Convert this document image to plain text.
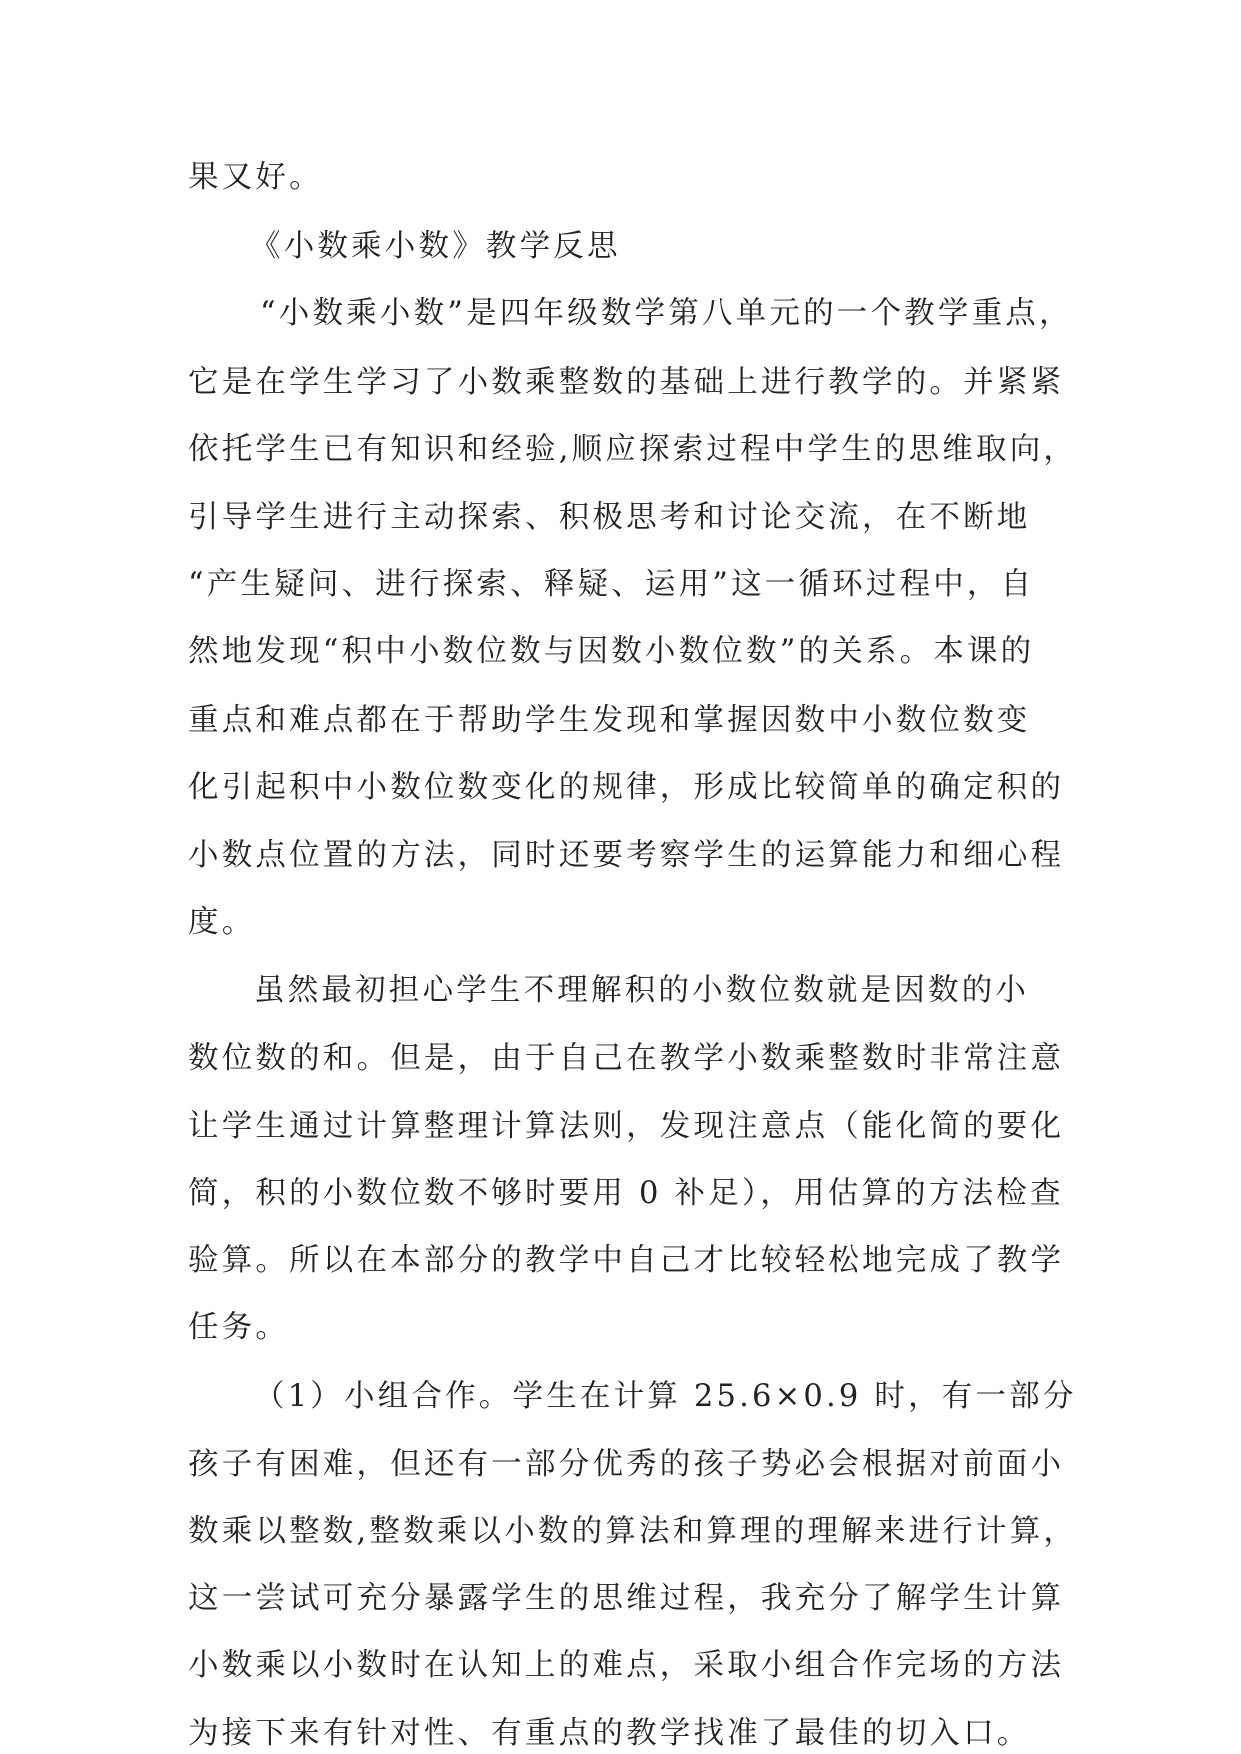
果又好。
《小数乘小数》教学反思
“小数乘小数”是四年级数学第八单元的一个教学重点，
它是在学生学习了小数乘整数的基础上进行教学的。并紧紧
依托学生已有知识和经验,顺应探索过程中学生的思维取向，
引导学生进行主动探索、积极思考和讨论交流，在不断地
“产生疑问、进行探索、释疑、运用”这一循环过程中，自
然地发现“积中小数位数与因数小数位数”的关系。本课的
重点和难点都在于帮助学生发现和掌握因数中小数位数变
化引起积中小数位数变化的规律，形成比较简单的确定积的
小数点位置的方法，同时还要考察学生的运算能力和细心程
度。
虽然最初担心学生不理解积的小数位数就是因数的小
数位数的和。但是，由于自己在教学小数乘整数时非常注意
让学生通过计算整理计算法则，发现注意点（能化简的要化
简，积的小数位数不够时要用 0 补足），用估算的方法检查
验算。所以在本部分的教学中自己才比较轻松地完成了教学
任务。
（1）小组合作。学生在计算 25.6×0.9 时，有一部分
孩子有困难，但还有一部分优秀的孩子势必会根据对前面小
数乘以整数,整数乘以小数的算法和算理的理解来进行计算，
这一尝试可充分暴露学生的思维过程，我充分了解学生计算
小数乘以小数时在认知上的难点，采取小组合作完场的方法
为接下来有针对性、有重点的教学找准了最佳的切入口。
